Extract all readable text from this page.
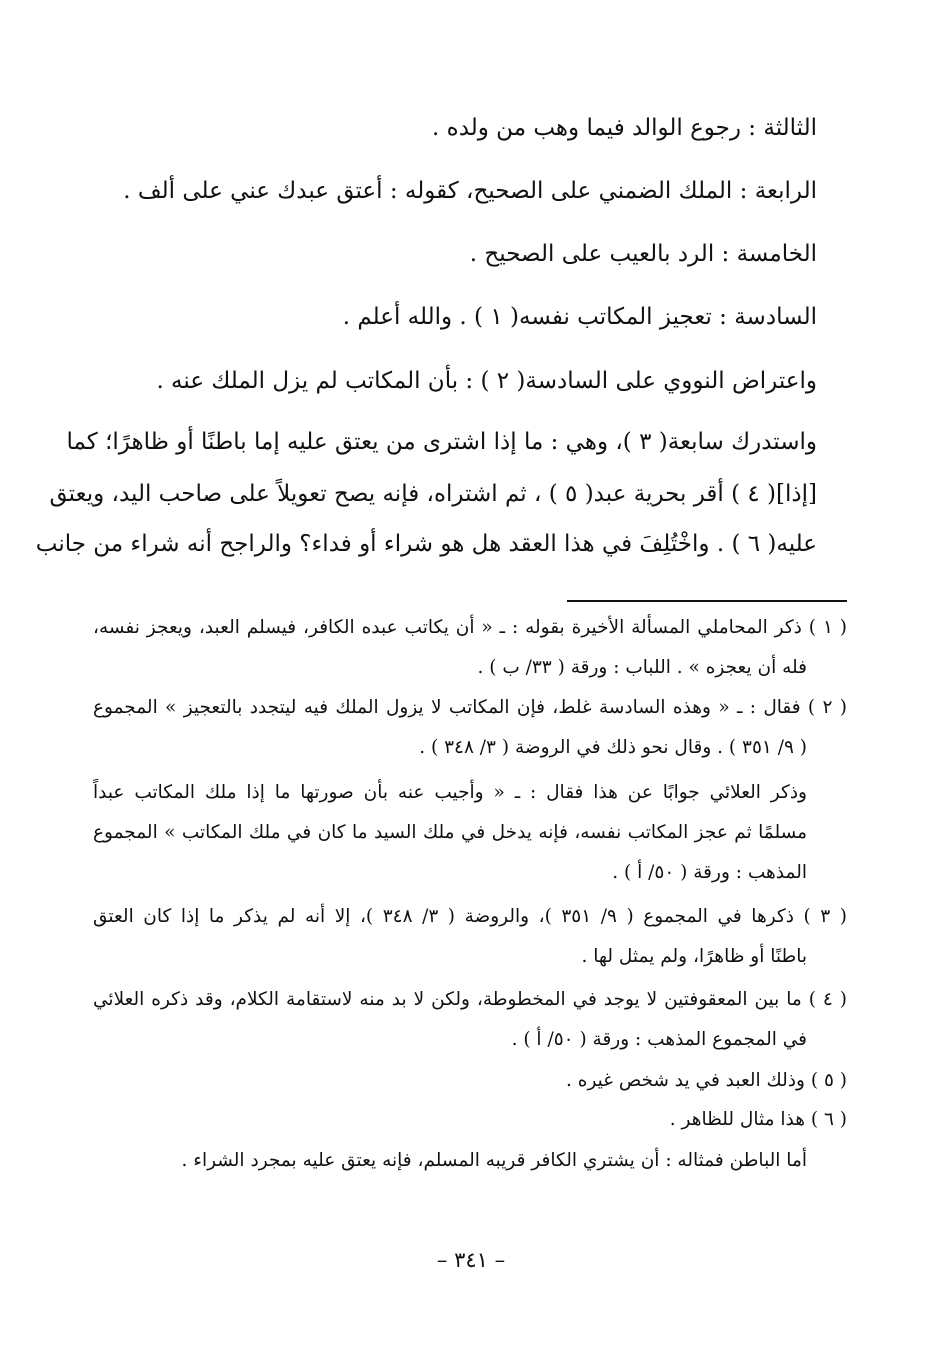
الثالثة : رجوع الوالد فيما وهب من ولده .
الرابعة : الملك الضمني على الصحيح، كقوله : أعتق عبدك عني على ألف .
الخامسة : الرد بالعيب على الصحيح .
السادسة : تعجيز المكاتب نفسه( ١ ) . والله أعلم .
واعتراض النووي على السادسة( ٢ ) : بأن المكاتب لم يزل الملك عنه .
واستدرك سابعة( ٣ )، وهي : ما إذا اشترى من يعتق عليه إما باطنًا أو ظاهرًا؛ كما
[إذا]( ٤ ) أقر بحرية عبد( ٥ ) ، ثم اشتراه، فإنه يصح تعويلاً على صاحب اليد، ويعتق
عليه( ٦ ) . واخْتُلِفَ في هذا العقد هل هو شراء أو فداء؟ والراجح أنه شراء من جانب
( ١ ) ذكر المحاملي المسألة الأخيرة بقوله : ـ « أن يكاتب عبده الكافر، فيسلم العبد، ويعجز نفسه،
فله أن يعجزه » . اللباب : ورقة ( ٣٣/ ب ) .
( ٢ ) فقال : ـ « وهذه السادسة غلط، فإن المكاتب لا يزول الملك فيه ليتجدد بالتعجيز » المجموع
( ٩/ ٣٥١ ) . وقال نحو ذلك في الروضة ( ٣/ ٣٤٨ ) .
وذكر العلائي جوابًا عن هذا فقال : ـ « وأجيب عنه بأن صورتها ما إذا ملك المكاتب عبداً
مسلمًا ثم عجز المكاتب نفسه، فإنه يدخل في ملك السيد ما كان في ملك المكاتب » المجموع
المذهب : ورقة ( ٥٠/ أ ) .
( ٣ ) ذكرها في المجموع ( ٩/ ٣٥١ )، والروضة ( ٣/ ٣٤٨ )، إلا أنه لم يذكر ما إذا كان العتق
باطنًا أو ظاهرًا، ولم يمثل لها .
( ٤ ) ما بين المعقوفتين لا يوجد في المخطوطة، ولكن لا بد منه لاستقامة الكلام، وقد ذكره العلائي
في المجموع المذهب : ورقة ( ٥٠/ أ ) .
( ٥ ) وذلك العبد في يد شخص غيره .
( ٦ ) هذا مثال للظاهر .
أما الباطن فمثاله : أن يشتري الكافر قريبه المسلم، فإنه يعتق عليه بمجرد الشراء .
– ٣٤١ –
